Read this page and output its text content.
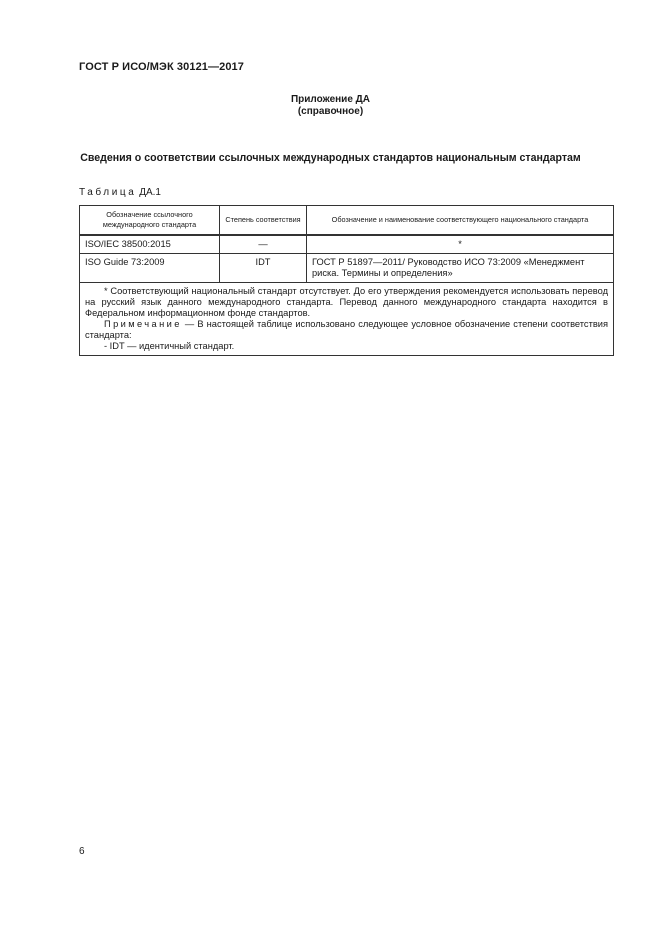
ГОСТ Р ИСО/МЭК 30121—2017
Приложение ДА
(справочное)
Сведения о соответствии ссылочных международных стандартов национальным стандартам
Таблица ДА.1
Обозначение ссылочного международного стандарта	Степень соответствия	Обозначение и наименование соответствующего национального стандарта
ISO/IEC 38500:2015	—	*
ISO Guide 73:2009	IDT	ГОСТ Р 51897—2011/ Руководство ИСО 73:2009 «Менеджмент риска. Термины и определения»

* Соответствующий национальный стандарт отсутствует. До его утверждения рекомендуется использовать перевод на русский язык данного международного стандарта. Перевод данного международного стандарта находится в Федеральном информационном фонде стандартов.

Примечание — В настоящей таблице использовано следующее условное обозначение степени соответствия стандарта:

- IDT — идентичный стандарт.		

6
